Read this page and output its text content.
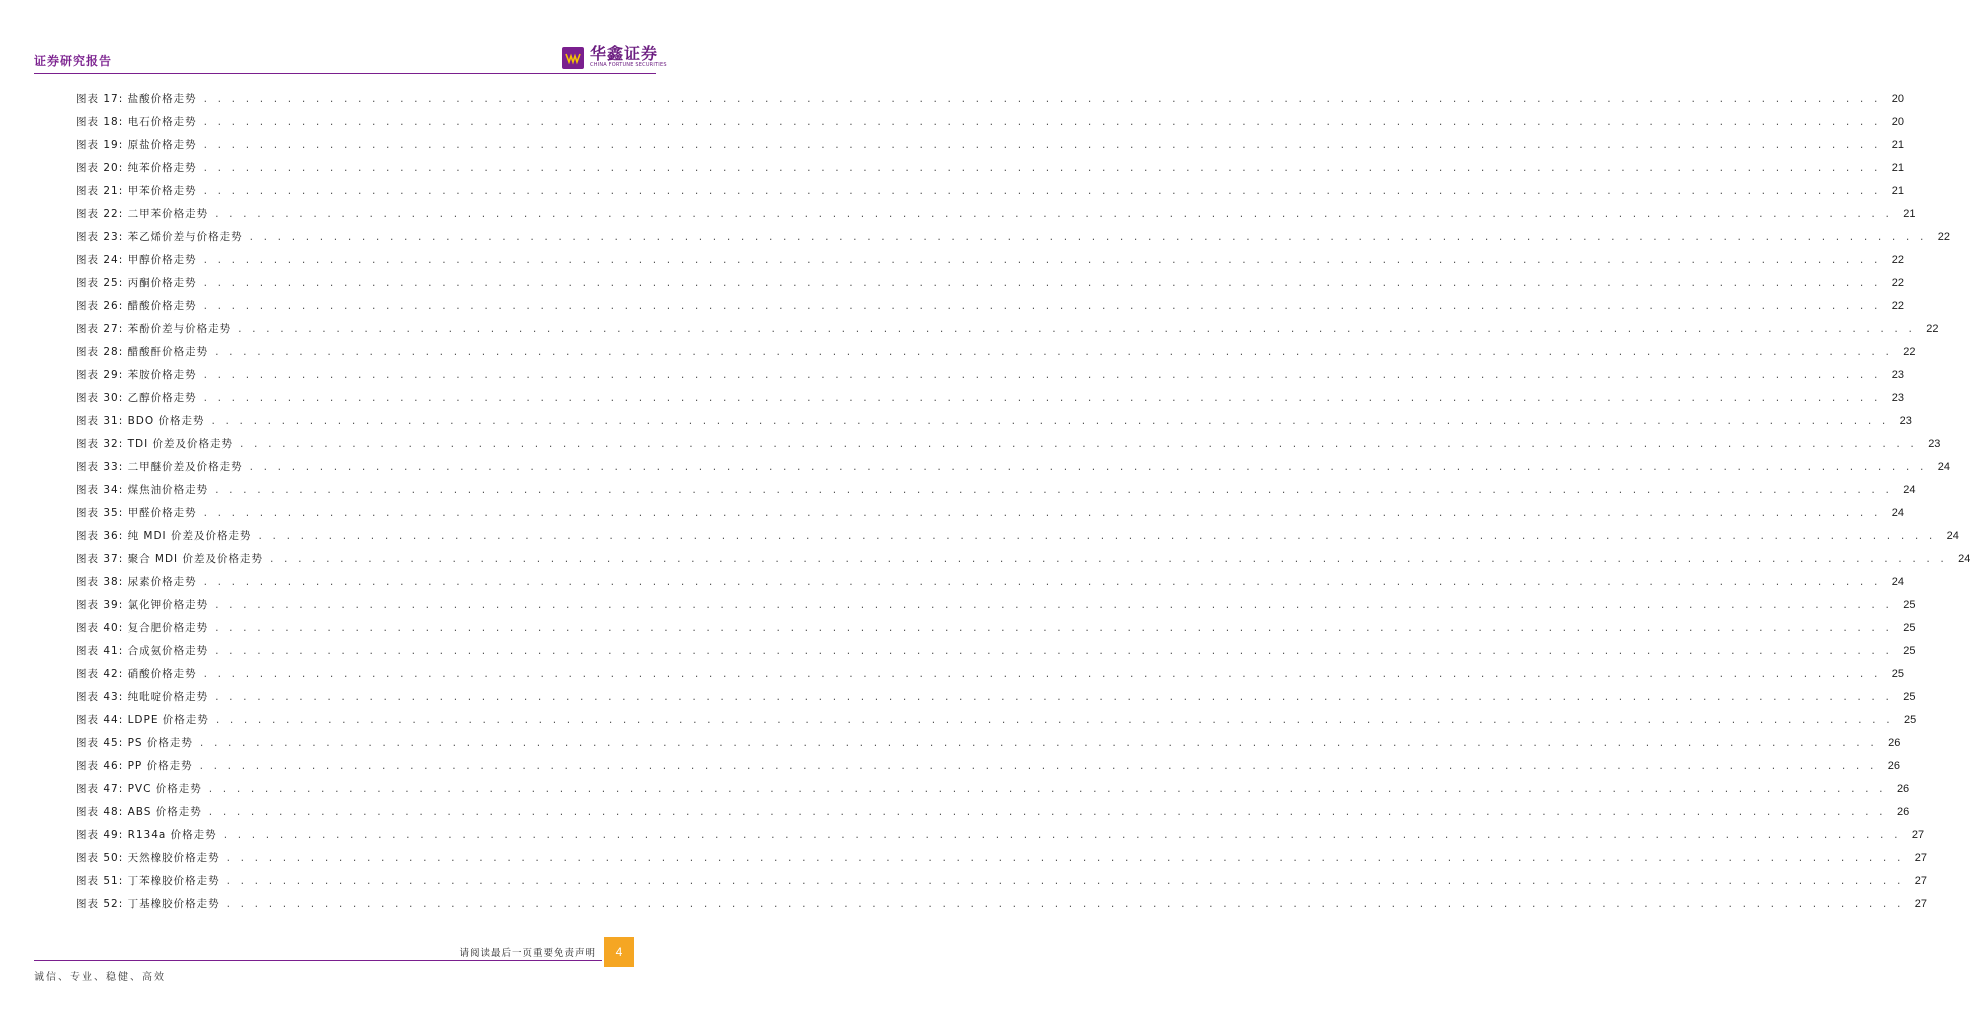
证券研究报告	华鑫证券
CHINA FORTUNE SECURITIES
图表 17: 盐酸价格走势 . . . . . . . . . . . . . . . . . . . . . . . . . . . . . . . . . . . . . . . . . . . . . . . . . . . . . . . . . . . . . . . . . . . . . . . . . . . . . . . . . . . . . . . . . . . . . . . . . . . . . . . . . . . . . . . . . . . . . . . .	20
图表 18: 电石价格走势 . . . . . . . . . . . . . . . . . . . . . . . . . . . . . . . . . . . . . . . . . . . . . . . . . . . . . . . . . . . . . . . . . . . . . . . . . . . . . . . . . . . . . . . . . . . . . . . . . . . . . . . . . . . . . . . . . . . . . . . .	20
图表 19: 原盐价格走势 . . . . . . . . . . . . . . . . . . . . . . . . . . . . . . . . . . . . . . . . . . . . . . . . . . . . . . . . . . . . . . . . . . . . . . . . . . . . . . . . . . . . . . . . . . . . . . . . . . . . . . . . . . . . . . . . . . . . . . . .	21
图表 20: 纯苯价格走势 . . . . . . . . . . . . . . . . . . . . . . . . . . . . . . . . . . . . . . . . . . . . . . . . . . . . . . . . . . . . . . . . . . . . . . . . . . . . . . . . . . . . . . . . . . . . . . . . . . . . . . . . . . . . . . . . . . . . . . . .	21
图表 21: 甲苯价格走势 . . . . . . . . . . . . . . . . . . . . . . . . . . . . . . . . . . . . . . . . . . . . . . . . . . . . . . . . . . . . . . . . . . . . . . . . . . . . . . . . . . . . . . . . . . . . . . . . . . . . . . . . . . . . . . . . . . . . . . . .	21
图表 22: 二甲苯价格走势 . . . . . . . . . . . . . . . . . . . . . . . . . . . . . . . . . . . . . . . . . . . . . . . . . . . . . . . . . . . . . . . . . . . . . . . . . . . . . . . . . . . . . . . . . . . . . . . . . . . . . . . . . . . . . . . . . . . . . . . .	21
图表 23: 苯乙烯价差与价格走势 . . . . . . . . . . . . . . . . . . . . . . . . . . . . . . . . . . . . . . . . . . . . . . . . . . . . . . . . . . . . . . . . . . . . . . . . . . . . . . . . . . . . . . . . . . . . . . . . . . . . . . . . . . . . . . . . . . . . . . . .	22
图表 24: 甲醇价格走势 . . . . . . . . . . . . . . . . . . . . . . . . . . . . . . . . . . . . . . . . . . . . . . . . . . . . . . . . . . . . . . . . . . . . . . . . . . . . . . . . . . . . . . . . . . . . . . . . . . . . . . . . . . . . . . . . . . . . . . . .	22
图表 25: 丙酮价格走势 . . . . . . . . . . . . . . . . . . . . . . . . . . . . . . . . . . . . . . . . . . . . . . . . . . . . . . . . . . . . . . . . . . . . . . . . . . . . . . . . . . . . . . . . . . . . . . . . . . . . . . . . . . . . . . . . . . . . . . . .	22
图表 26: 醋酸价格走势 . . . . . . . . . . . . . . . . . . . . . . . . . . . . . . . . . . . . . . . . . . . . . . . . . . . . . . . . . . . . . . . . . . . . . . . . . . . . . . . . . . . . . . . . . . . . . . . . . . . . . . . . . . . . . . . . . . . . . . . .	22
图表 27: 苯酚价差与价格走势 . . . . . . . . . . . . . . . . . . . . . . . . . . . . . . . . . . . . . . . . . . . . . . . . . . . . . . . . . . . . . . . . . . . . . . . . . . . . . . . . . . . . . . . . . . . . . . . . . . . . . . . . . . . . . . . . . . . . . . . .	22
图表 28: 醋酸酐价格走势 . . . . . . . . . . . . . . . . . . . . . . . . . . . . . . . . . . . . . . . . . . . . . . . . . . . . . . . . . . . . . . . . . . . . . . . . . . . . . . . . . . . . . . . . . . . . . . . . . . . . . . . . . . . . . . . . . . . . . . . .	22
图表 29: 苯胺价格走势 . . . . . . . . . . . . . . . . . . . . . . . . . . . . . . . . . . . . . . . . . . . . . . . . . . . . . . . . . . . . . . . . . . . . . . . . . . . . . . . . . . . . . . . . . . . . . . . . . . . . . . . . . . . . . . . . . . . . . . . .	23
图表 30: 乙醇价格走势 . . . . . . . . . . . . . . . . . . . . . . . . . . . . . . . . . . . . . . . . . . . . . . . . . . . . . . . . . . . . . . . . . . . . . . . . . . . . . . . . . . . . . . . . . . . . . . . . . . . . . . . . . . . . . . . . . . . . . . . .	23
图表 31: BDO 价格走势 . . . . . . . . . . . . . . . . . . . . . . . . . . . . . . . . . . . . . . . . . . . . . . . . . . . . . . . . . . . . . . . . . . . . . . . . . . . . . . . . . . . . . . . . . . . . . . . . . . . . . . . . . . . . . . . . . . . . . . . .	23
图表 32: TDI 价差及价格走势 . . . . . . . . . . . . . . . . . . . . . . . . . . . . . . . . . . . . . . . . . . . . . . . . . . . . . . . . . . . . . . . . . . . . . . . . . . . . . . . . . . . . . . . . . . . . . . . . . . . . . . . . . . . . . . . . . . . . . . . .	23
图表 33: 二甲醚价差及价格走势 . . . . . . . . . . . . . . . . . . . . . . . . . . . . . . . . . . . . . . . . . . . . . . . . . . . . . . . . . . . . . . . . . . . . . . . . . . . . . . . . . . . . . . . . . . . . . . . . . . . . . . . . . . . . . . . . . . . . . . . .	24
图表 34: 煤焦油价格走势 . . . . . . . . . . . . . . . . . . . . . . . . . . . . . . . . . . . . . . . . . . . . . . . . . . . . . . . . . . . . . . . . . . . . . . . . . . . . . . . . . . . . . . . . . . . . . . . . . . . . . . . . . . . . . . . . . . . . . . . .	24
图表 35: 甲醛价格走势 . . . . . . . . . . . . . . . . . . . . . . . . . . . . . . . . . . . . . . . . . . . . . . . . . . . . . . . . . . . . . . . . . . . . . . . . . . . . . . . . . . . . . . . . . . . . . . . . . . . . . . . . . . . . . . . . . . . . . . . .	24
图表 36: 纯 MDI 价差及价格走势 . . . . . . . . . . . . . . . . . . . . . . . . . . . . . . . . . . . . . . . . . . . . . . . . . . . . . . . . . . . . . . . . . . . . . . . . . . . . . . . . . . . . . . . . . . . . . . . . . . . . . . . . . . . . . . . . . . . . . . . .	24
图表 37: 聚合 MDI 价差及价格走势 . . . . . . . . . . . . . . . . . . . . . . . . . . . . . . . . . . . . . . . . . . . . . . . . . . . . . . . . . . . . . . . . . . . . . . . . . . . . . . . . . . . . . . . . . . . . . . . . . . . . . . . . . . . . . . . . . . . . . . . .	24
图表 38: 尿素价格走势 . . . . . . . . . . . . . . . . . . . . . . . . . . . . . . . . . . . . . . . . . . . . . . . . . . . . . . . . . . . . . . . . . . . . . . . . . . . . . . . . . . . . . . . . . . . . . . . . . . . . . . . . . . . . . . . . . . . . . . . .	24
图表 39: 氯化钾价格走势 . . . . . . . . . . . . . . . . . . . . . . . . . . . . . . . . . . . . . . . . . . . . . . . . . . . . . . . . . . . . . . . . . . . . . . . . . . . . . . . . . . . . . . . . . . . . . . . . . . . . . . . . . . . . . . . . . . . . . . . .	25
图表 40: 复合肥价格走势 . . . . . . . . . . . . . . . . . . . . . . . . . . . . . . . . . . . . . . . . . . . . . . . . . . . . . . . . . . . . . . . . . . . . . . . . . . . . . . . . . . . . . . . . . . . . . . . . . . . . . . . . . . . . . . . . . . . . . . . .	25
图表 41: 合成氨价格走势 . . . . . . . . . . . . . . . . . . . . . . . . . . . . . . . . . . . . . . . . . . . . . . . . . . . . . . . . . . . . . . . . . . . . . . . . . . . . . . . . . . . . . . . . . . . . . . . . . . . . . . . . . . . . . . . . . . . . . . . .	25
图表 42: 硝酸价格走势 . . . . . . . . . . . . . . . . . . . . . . . . . . . . . . . . . . . . . . . . . . . . . . . . . . . . . . . . . . . . . . . . . . . . . . . . . . . . . . . . . . . . . . . . . . . . . . . . . . . . . . . . . . . . . . . . . . . . . . . .	25
图表 43: 纯吡啶价格走势 . . . . . . . . . . . . . . . . . . . . . . . . . . . . . . . . . . . . . . . . . . . . . . . . . . . . . . . . . . . . . . . . . . . . . . . . . . . . . . . . . . . . . . . . . . . . . . . . . . . . . . . . . . . . . . . . . . . . . . . .	25
图表 44: LDPE 价格走势 . . . . . . . . . . . . . . . . . . . . . . . . . . . . . . . . . . . . . . . . . . . . . . . . . . . . . . . . . . . . . . . . . . . . . . . . . . . . . . . . . . . . . . . . . . . . . . . . . . . . . . . . . . . . . . . . . . . . . . . .	25
图表 45: PS 价格走势 . . . . . . . . . . . . . . . . . . . . . . . . . . . . . . . . . . . . . . . . . . . . . . . . . . . . . . . . . . . . . . . . . . . . . . . . . . . . . . . . . . . . . . . . . . . . . . . . . . . . . . . . . . . . . . . . . . . . . . . .	26
图表 46: PP 价格走势 . . . . . . . . . . . . . . . . . . . . . . . . . . . . . . . . . . . . . . . . . . . . . . . . . . . . . . . . . . . . . . . . . . . . . . . . . . . . . . . . . . . . . . . . . . . . . . . . . . . . . . . . . . . . . . . . . . . . . . . .	26
图表 47: PVC 价格走势 . . . . . . . . . . . . . . . . . . . . . . . . . . . . . . . . . . . . . . . . . . . . . . . . . . . . . . . . . . . . . . . . . . . . . . . . . . . . . . . . . . . . . . . . . . . . . . . . . . . . . . . . . . . . . . . . . . . . . . . .	26
图表 48: ABS 价格走势 . . . . . . . . . . . . . . . . . . . . . . . . . . . . . . . . . . . . . . . . . . . . . . . . . . . . . . . . . . . . . . . . . . . . . . . . . . . . . . . . . . . . . . . . . . . . . . . . . . . . . . . . . . . . . . . . . . . . . . . .	26
图表 49: R134a 价格走势 . . . . . . . . . . . . . . . . . . . . . . . . . . . . . . . . . . . . . . . . . . . . . . . . . . . . . . . . . . . . . . . . . . . . . . . . . . . . . . . . . . . . . . . . . . . . . . . . . . . . . . . . . . . . . . . . . . . . . . . .	27
图表 50: 天然橡胶价格走势 . . . . . . . . . . . . . . . . . . . . . . . . . . . . . . . . . . . . . . . . . . . . . . . . . . . . . . . . . . . . . . . . . . . . . . . . . . . . . . . . . . . . . . . . . . . . . . . . . . . . . . . . . . . . . . . . . . . . . . . .	27
图表 51: 丁苯橡胶价格走势 . . . . . . . . . . . . . . . . . . . . . . . . . . . . . . . . . . . . . . . . . . . . . . . . . . . . . . . . . . . . . . . . . . . . . . . . . . . . . . . . . . . . . . . . . . . . . . . . . . . . . . . . . . . . . . . . . . . . . . . .	27
图表 52: 丁基橡胶价格走势 . . . . . . . . . . . . . . . . . . . . . . . . . . . . . . . . . . . . . . . . . . . . . . . . . . . . . . . . . . . . . . . . . . . . . . . . . . . . . . . . . . . . . . . . . . . . . . . . . . . . . . . . . . . . . . . . . . . . . . . .	27
请阅读最后一页重要免责声明	4
诚信、专业、稳健、高效
